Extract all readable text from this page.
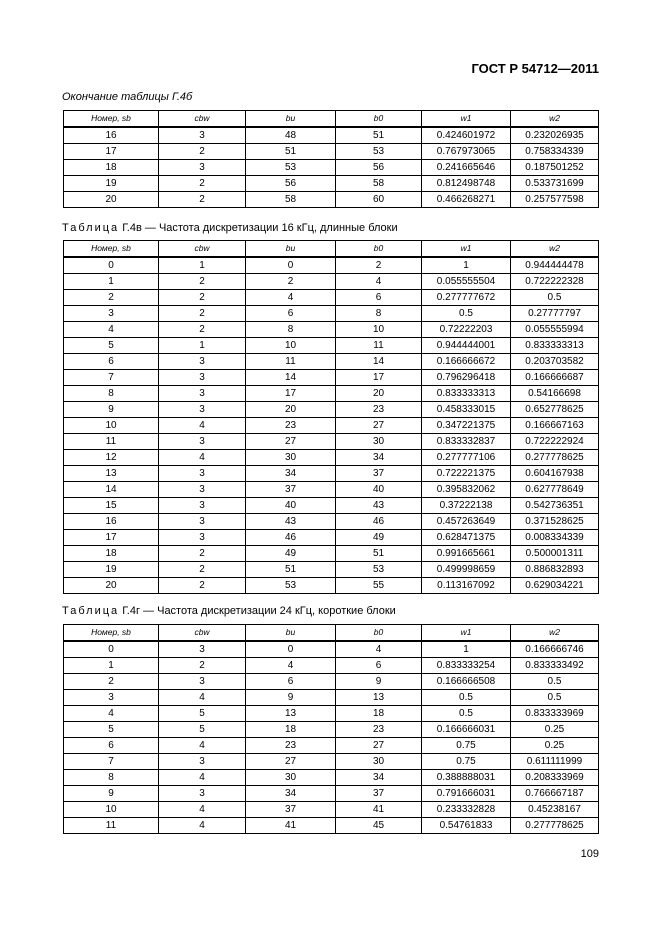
ГОСТ Р 54712—2011
Окончание таблицы Г.4б
Номер, sb	cbw	bu	b0	w1	w2
16	3	48	51	0.424601972	0.232026935
17	2	51	53	0.767973065	0.758334339
18	3	53	56	0.241665646	0.187501252
19	2	56	58	0.812498748	0.533731699
20	2	58	60	0.466268271	0.257577598
Таблица Г.4в — Частота дискретизации 16 кГц, длинные блоки
Номер, sb	cbw	bu	b0	w1	w2
0	1	0	2	1	0.944444478
1	2	2	4	0.055555504	0.722222328
2	2	4	6	0.277777672	0.5
3	2	6	8	0.5	0.27777797
4	2	8	10	0.72222203	0.055555994
5	1	10	11	0.944444001	0.833333313
6	3	11	14	0.166666672	0.203703582
7	3	14	17	0.796296418	0.166666687
8	3	17	20	0.833333313	0.54166698
9	3	20	23	0.458333015	0.652778625
10	4	23	27	0.347221375	0.166667163
11	3	27	30	0.833332837	0.722222924
12	4	30	34	0.277777106	0.277778625
13	3	34	37	0.722221375	0.604167938
14	3	37	40	0.395832062	0.627778649
15	3	40	43	0.37222138	0.542736351
16	3	43	46	0.457263649	0.371528625
17	3	46	49	0.628471375	0.008334339
18	2	49	51	0.991665661	0.500001311
19	2	51	53	0.499998659	0.886832893
20	2	53	55	0.113167092	0.629034221
Таблица Г.4г — Частота дискретизации 24 кГц, короткие блоки
Номер, sb	cbw	bu	b0	w1	w2
0	3	0	4	1	0.166666746
1	2	4	6	0.833333254	0.833333492
2	3	6	9	0.166666508	0.5
3	4	9	13	0.5	0.5
4	5	13	18	0.5	0.833333969
5	5	18	23	0.166666031	0.25
6	4	23	27	0.75	0.25
7	3	27	30	0.75	0.611111999
8	4	30	34	0.388888031	0.208333969
9	3	34	37	0.791666031	0.766667187
10	4	37	41	0.233332828	0.45238167
11	4	41	45	0.54761833	0.277778625
109
